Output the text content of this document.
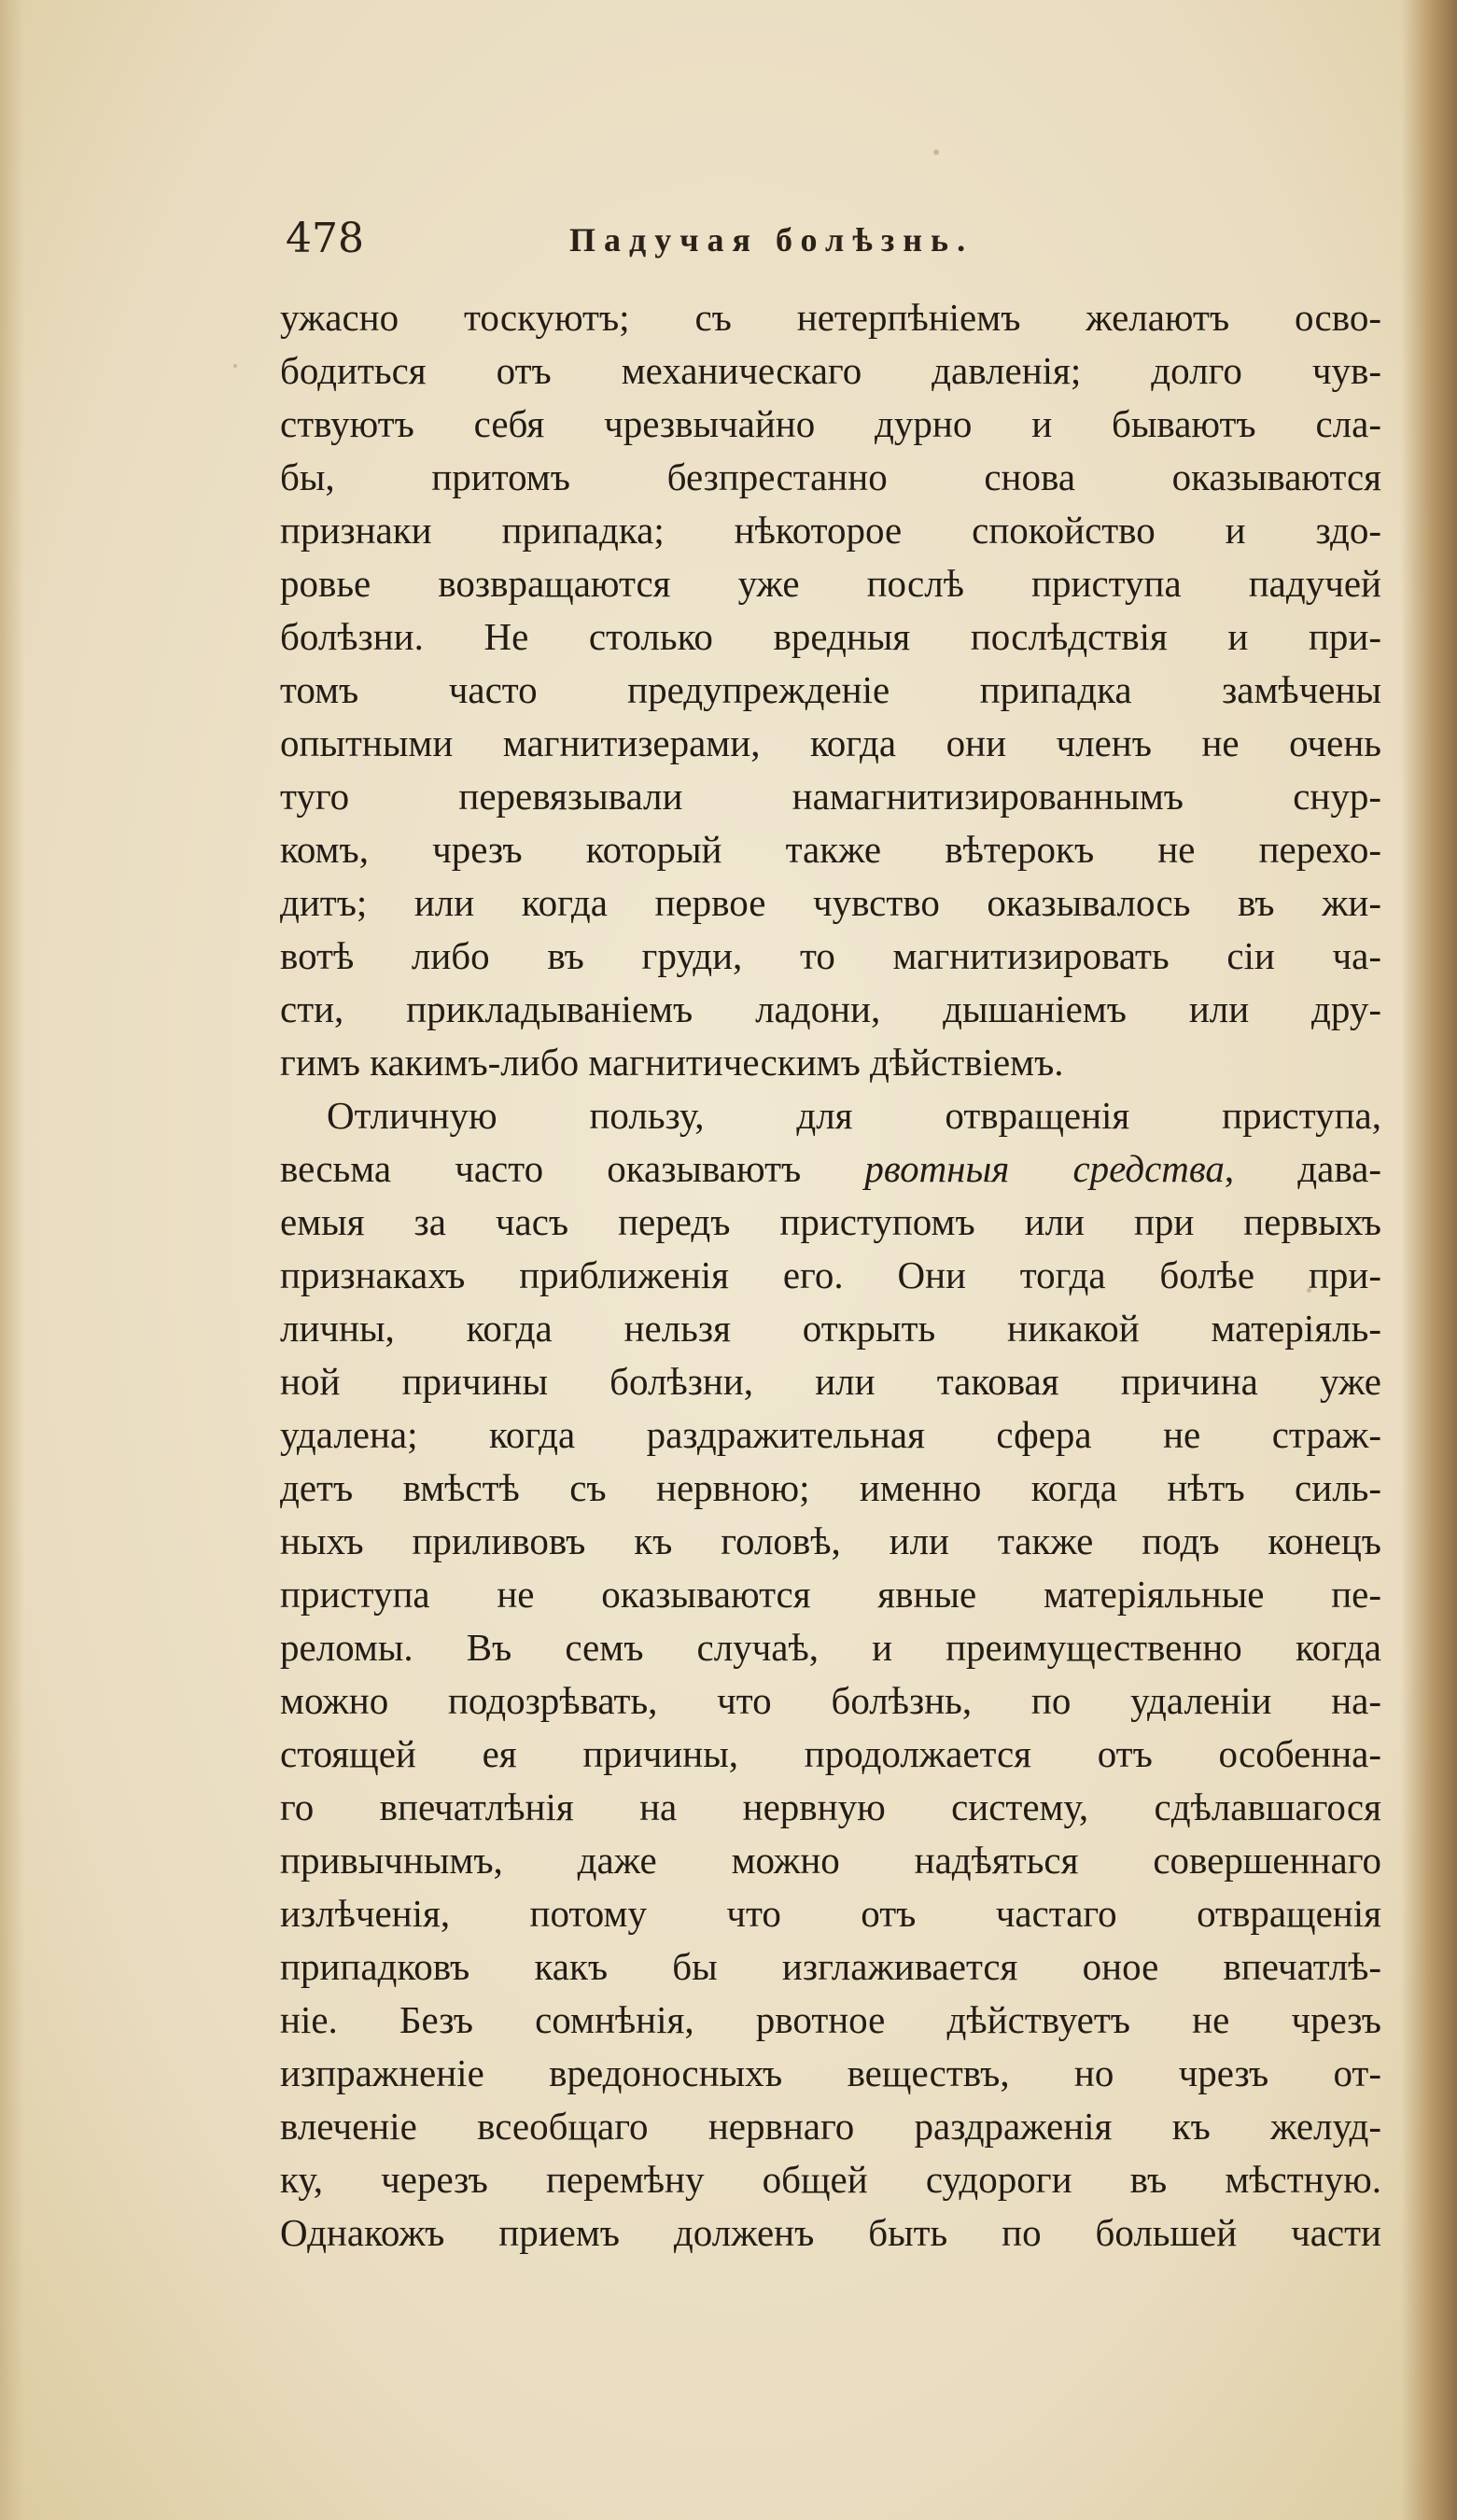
478	Падучая болѣзнь.
ужасно тоскуютъ; съ нетерпѣніемъ желаютъ осво-
бодиться отъ механическаго давленія; долго чув-
ствуютъ себя чрезвычайно дурно и бываютъ сла-
бы, притомъ безпрестанно снова оказываются
признаки припадка; нѣкоторое спокойство и здо-
ровье возвращаются уже послѣ приступа падучей
болѣзни. Не столько вредныя послѣдствія и при-
томъ часто предупрежденіе припадка замѣчены
опытными магнитизерами, когда они членъ не очень
туго перевязывали намагнитизированнымъ снур-
комъ, чрезъ который также вѣтерокъ не перехо-
дитъ; или когда первое чувство оказывалось въ жи-
вотѣ либо въ груди, то магнитизировать сіи ча-
сти, прикладываніемъ ладони, дышаніемъ или дру-
гимъ какимъ-либо магнитическимъ дѣйствіемъ.
Отличную пользу, для отвращенія приступа,
весьма часто оказываютъ рвотныя средства, дава-
емыя за часъ передъ приступомъ или при первыхъ
признакахъ приближенія его. Они тогда болѣе при-
личны, когда нельзя открыть никакой матеріяль-
ной причины болѣзни, или таковая причина уже
удалена; когда раздражительная сфера не страж-
детъ вмѣстѣ съ нервною; именно когда нѣтъ силь-
ныхъ приливовъ къ головѣ, или также подъ конецъ
приступа не оказываются явные матеріяльные пе-
реломы. Въ семъ случаѣ, и преимущественно когда
можно подозрѣвать, что болѣзнь, по удаленіи на-
стоящей ея причины, продолжается отъ особенна-
го впечатлѣнія на нервную систему, сдѣлавшагося
привычнымъ, даже можно надѣяться совершеннаго
излѣченія, потому что отъ частаго отвращенія
припадковъ какъ бы изглаживается оное впечатлѣ-
ніе. Безъ сомнѣнія, рвотное дѣйствуетъ не чрезъ
изпражненіе вредоносныхъ веществъ, но чрезъ от-
влеченіе всеобщаго нервнаго раздраженія къ желуд-
ку, черезъ перемѣну общей судороги въ мѣстную.
Однакожъ приемъ долженъ быть по большей части
